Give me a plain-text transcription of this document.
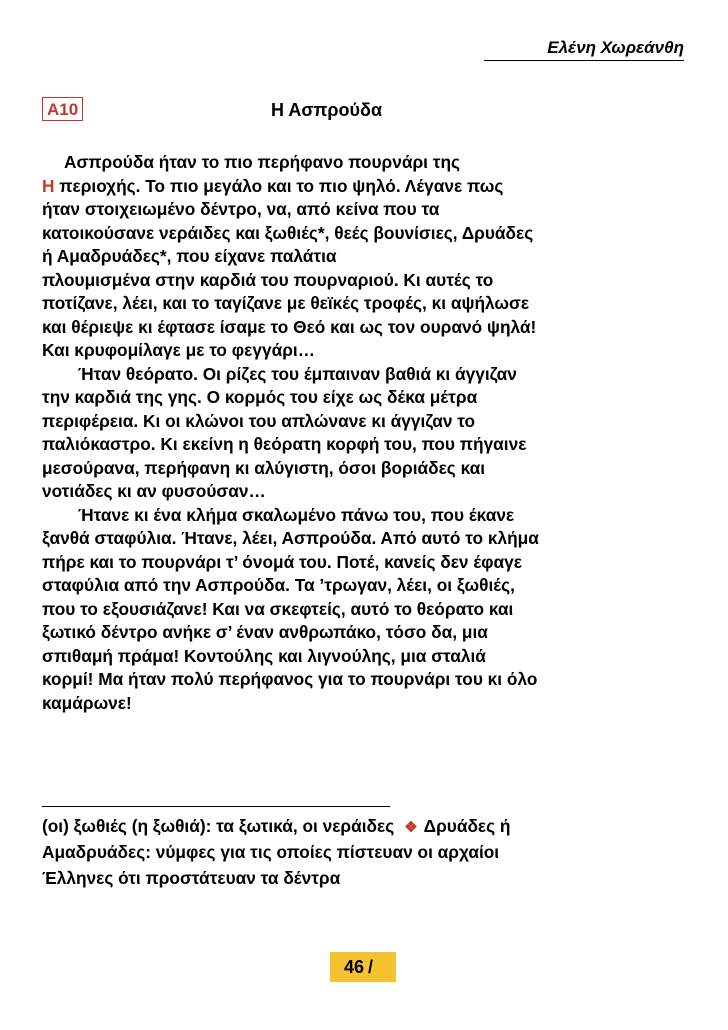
Ελένη Χωρεάνθη
Α10	Η Ασπρούδα
Ασπρούδα ήταν το πιο περήφανο πουρνάρι της
Η περιοχής. Το πιο μεγάλο και το πιο ψηλό. Λέγανε πως
ήταν στοιχειωμένο δέντρο, να, από κείνα που τα
κατοικούσανε νεράιδες και ξωθιές*, θεές βουνίσιες, Δρυάδες
ή Αμαδρυάδες*, που είχανε παλάτια
πλουμισμένα στην καρδιά του πουρναριού. Κι αυτές το
ποτίζανε, λέει, και το ταγίζανε με θεϊκές τροφές, κι αψήλωσε
και θέριεψε κι έφτασε ίσαμε το Θεό και ως τον ουρανό ψηλά!
Και κρυφομίλαγε με το φεγγάρι…
Ήταν θεόρατο. Οι ρίζες του έμπαιναν βαθιά κι άγγιζαν
την καρδιά της γης. Ο κορμός του είχε ως δέκα μέτρα
περιφέρεια. Κι οι κλώνοι του απλώνανε κι άγγιζαν το
παλιόκαστρο. Κι εκείνη η θεόρατη κορφή του, που πήγαινε
μεσούρανα, περήφανη κι αλύγιστη, όσοι βοριάδες και
νοτιάδες κι αν φυσούσαν…
Ήτανε κι ένα κλήμα σκαλωμένο πάνω του, που έκανε
ξανθά σταφύλια. Ήτανε, λέει, Ασπρούδα. Από αυτό το κλήμα
πήρε και το πουρνάρι τ’ όνομά του. Ποτέ, κανείς δεν έφαγε
σταφύλια από την Ασπρούδα. Τα ’τρωγαν, λέει, οι ξωθιές,
που το εξουσιάζανε! Και να σκεφτείς, αυτό το θεόρατο και
ξωτικό δέντρο ανήκε σ’ έναν ανθρωπάκο, τόσο δα, μια
σπιθαμή πράμα! Κοντούλης και λιγνούλης, μια σταλιά
κορμί! Μα ήταν πολύ περήφανος για το πουρνάρι του κι όλο
καμάρωνε!
(οι) ξωθιές (η ξωθιά): τα ξωτικά, οι νεράιδες ❖ Δρυάδες ή
Αμαδρυάδες: νύμφες για τις οποίες πίστευαν οι αρχαίοι
Έλληνες ότι προστάτευαν τα δέντρα
46 /
